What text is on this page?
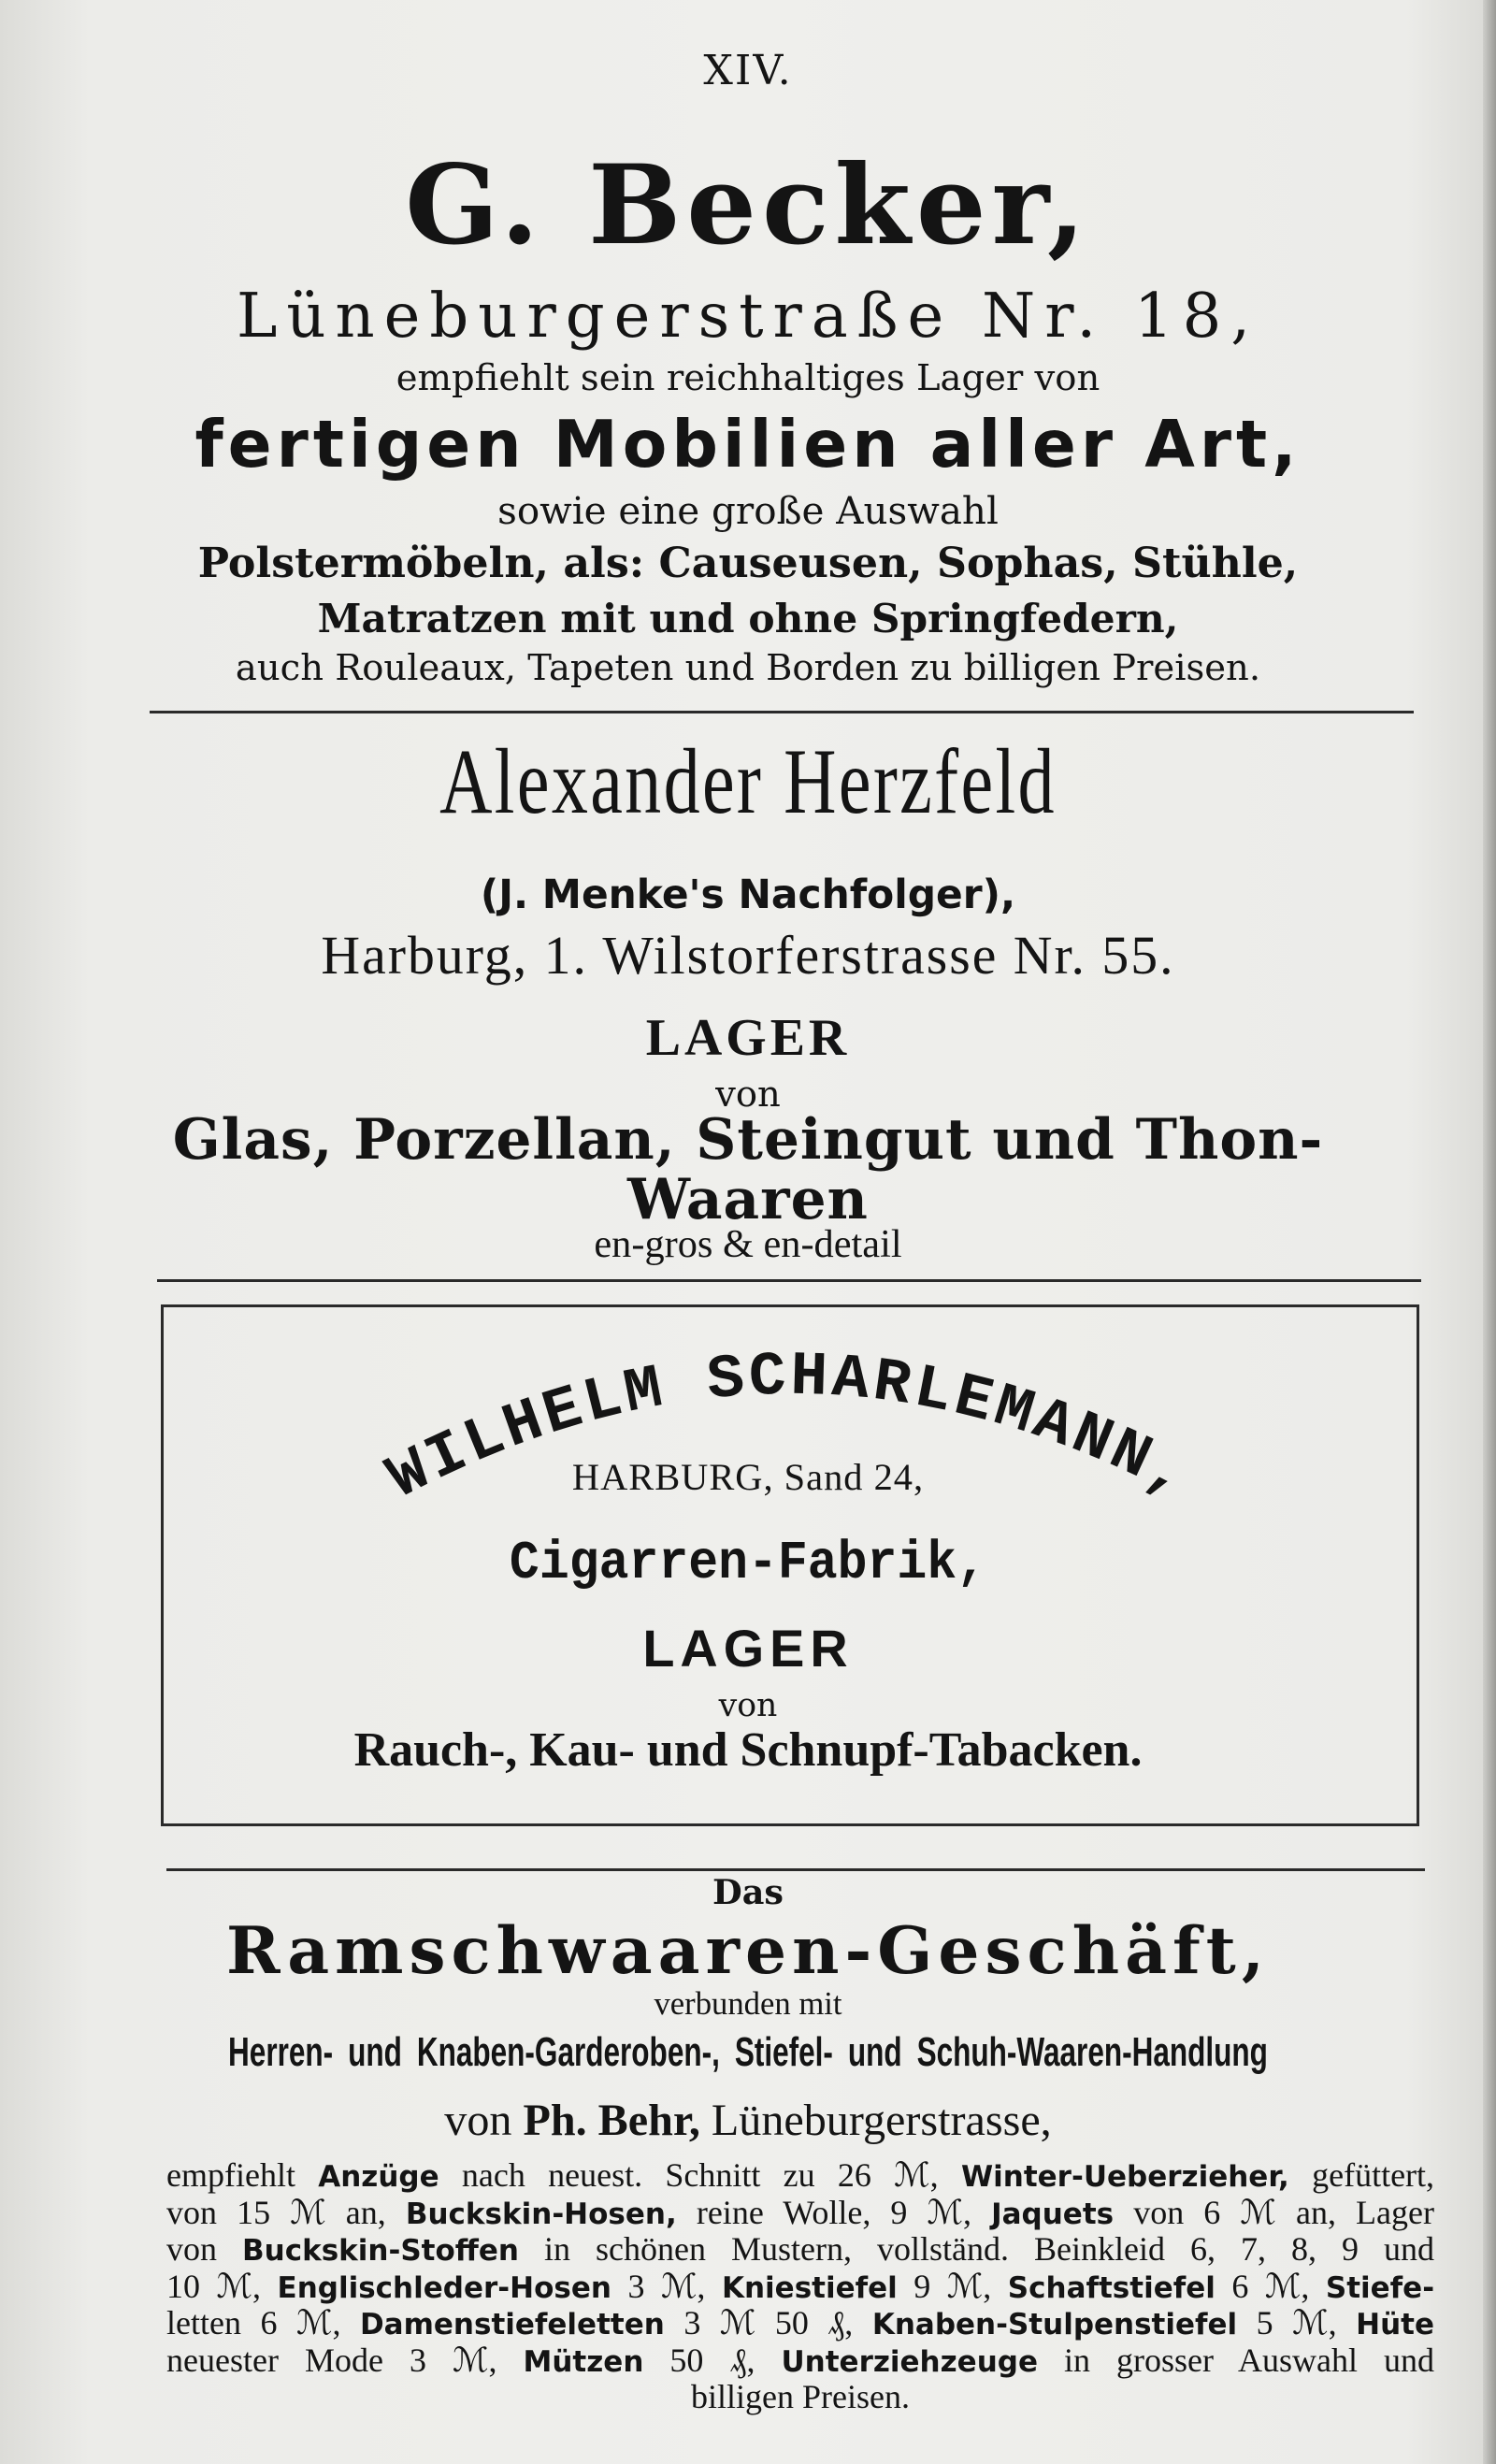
XIV.
G. Becker,
Lüneburgerstraße Nr. 18,
empfiehlt sein reichhaltiges Lager von
fertigen Mobilien aller Art,
sowie eine große Auswahl
Polstermöbeln, als: Causeusen, Sophas, Stühle,
Matratzen mit und ohne Springfedern,
auch Rouleaux, Tapeten und Borden zu billigen Preisen.
Alexander Herzfeld
(J. Menke's Nachfolger),
Harburg, 1. Wilstorferstrasse Nr. 55.
LAGER
von
Glas, Porzellan, Steingut und Thon-
Waaren
en-gros & en-detail
WILHELM SCHARLEMANN,
HARBURG, Sand 24,
Cigarren-Fabrik,
LAGER
von
Rauch-, Kau- und Schnupf-Tabacken.
Das
Ramschwaaren-Geschäft,
verbunden mit
Herren- und Knaben-Garderoben-, Stiefel- und Schuh-Waaren-Handlung
von Ph. Behr, Lüneburgerstrasse,
empfiehlt Anzüge nach neuest. Schnitt zu 26 ℳ, Winter-Ueberzieher, gefüttert,
von 15 ℳ an, Buckskin-Hosen, reine Wolle, 9 ℳ, Jaquets von 6 ℳ an, Lager
von Buckskin-Stoffen in schönen Mustern, vollständ. Beinkleid 6, 7, 8, 9 und
10 ℳ, Englischleder-Hosen 3 ℳ, Kniestiefel 9 ℳ, Schaftstiefel 6 ℳ, Stiefe-
letten 6 ℳ, Damenstiefeletten 3 ℳ 50 ₰, Knaben-Stulpenstiefel 5 ℳ, Hüte
neuester Mode 3 ℳ, Mützen 50 ₰, Unterziehzeuge in grosser Auswahl und
billigen Preisen.
